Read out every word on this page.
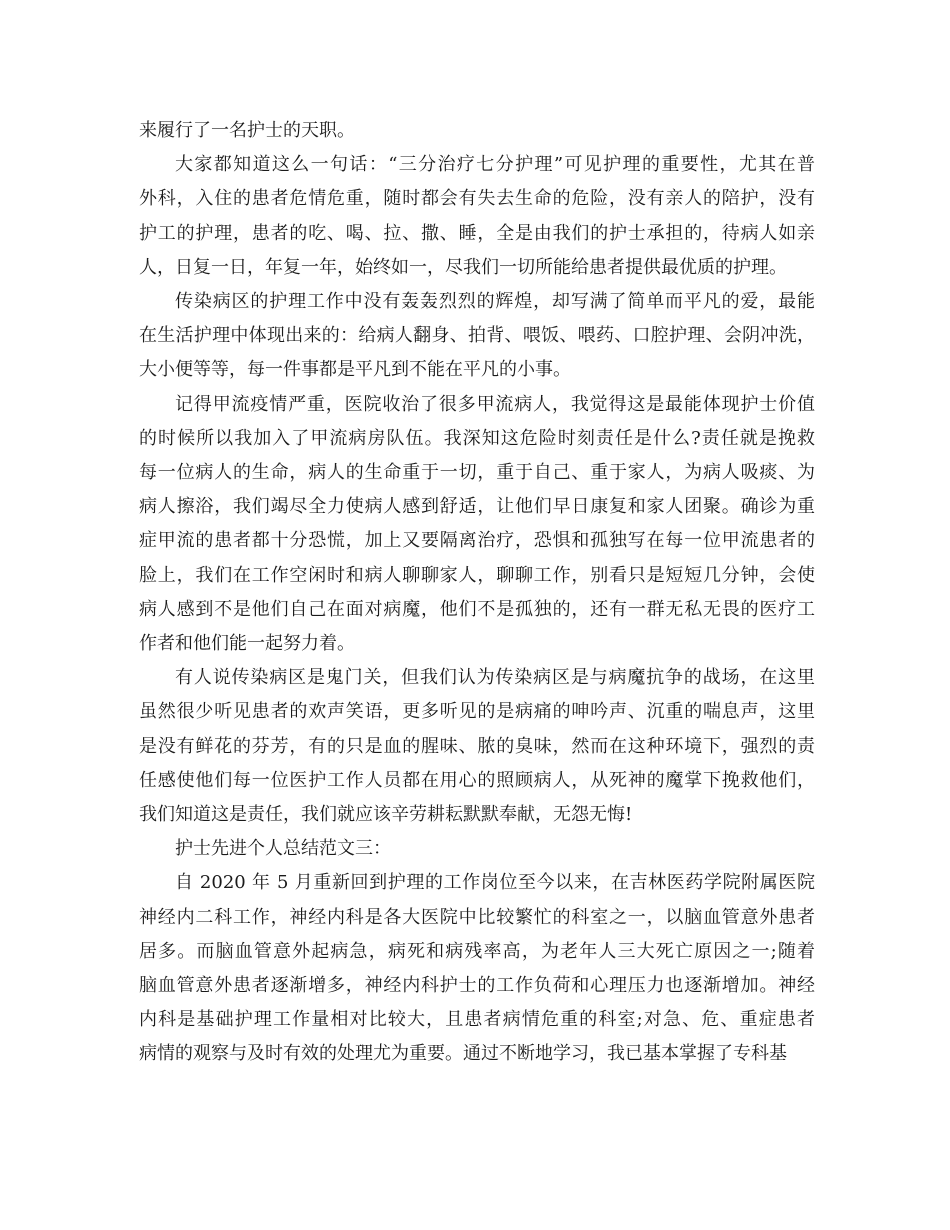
来履行了一名护士的天职。

大家都知道这么一句话：“三分治疗七分护理”可见护理的重要性，尤其在普
外科，入住的患者危情危重，随时都会有失去生命的危险，没有亲人的陪护，没有
护工的护理，患者的吃、喝、拉、撒、睡，全是由我们的护士承担的，待病人如亲
人，日复一日，年复一年，始终如一，尽我们一切所能给患者提供最优质的护理。

传染病区的护理工作中没有轰轰烈烈的辉煌，却写满了简单而平凡的爱，最能
在生活护理中体现出来的：给病人翻身、拍背、喂饭、喂药、口腔护理、会阴冲洗，
大小便等等，每一件事都是平凡到不能在平凡的小事。

记得甲流疫情严重，医院收治了很多甲流病人，我觉得这是最能体现护士价值
的时候所以我加入了甲流病房队伍。我深知这危险时刻责任是什么?责任就是挽救
每一位病人的生命，病人的生命重于一切，重于自己、重于家人，为病人吸痰、为
病人擦浴，我们竭尽全力使病人感到舒适，让他们早日康复和家人团聚。确诊为重
症甲流的患者都十分恐慌，加上又要隔离治疗，恐惧和孤独写在每一位甲流患者的
脸上，我们在工作空闲时和病人聊聊家人，聊聊工作，别看只是短短几分钟，会使
病人感到不是他们自己在面对病魔，他们不是孤独的，还有一群无私无畏的医疗工
作者和他们能一起努力着。

有人说传染病区是鬼门关，但我们认为传染病区是与病魔抗争的战场，在这里
虽然很少听见患者的欢声笑语，更多听见的是病痛的呻吟声、沉重的喘息声，这里
是没有鲜花的芬芳，有的只是血的腥味、脓的臭味，然而在这种环境下，强烈的责
任感使他们每一位医护工作人员都在用心的照顾病人，从死神的魔掌下挽救他们，
我们知道这是责任，我们就应该辛劳耕耘默默奉献，无怨无悔!

护士先进个人总结范文三：

自 2020 年 5 月重新回到护理的工作岗位至今以来，在吉林医药学院附属医院
神经内二科工作，神经内科是各大医院中比较繁忙的科室之一，以脑血管意外患者
居多。而脑血管意外起病急，病死和病残率高，为老年人三大死亡原因之一;随着
脑血管意外患者逐渐增多，神经内科护士的工作负荷和心理压力也逐渐增加。神经
内科是基础护理工作量相对比较大，且患者病情危重的科室;对急、危、重症患者
病情的观察与及时有效的处理尤为重要。通过不断地学习，我已基本掌握了专科基
